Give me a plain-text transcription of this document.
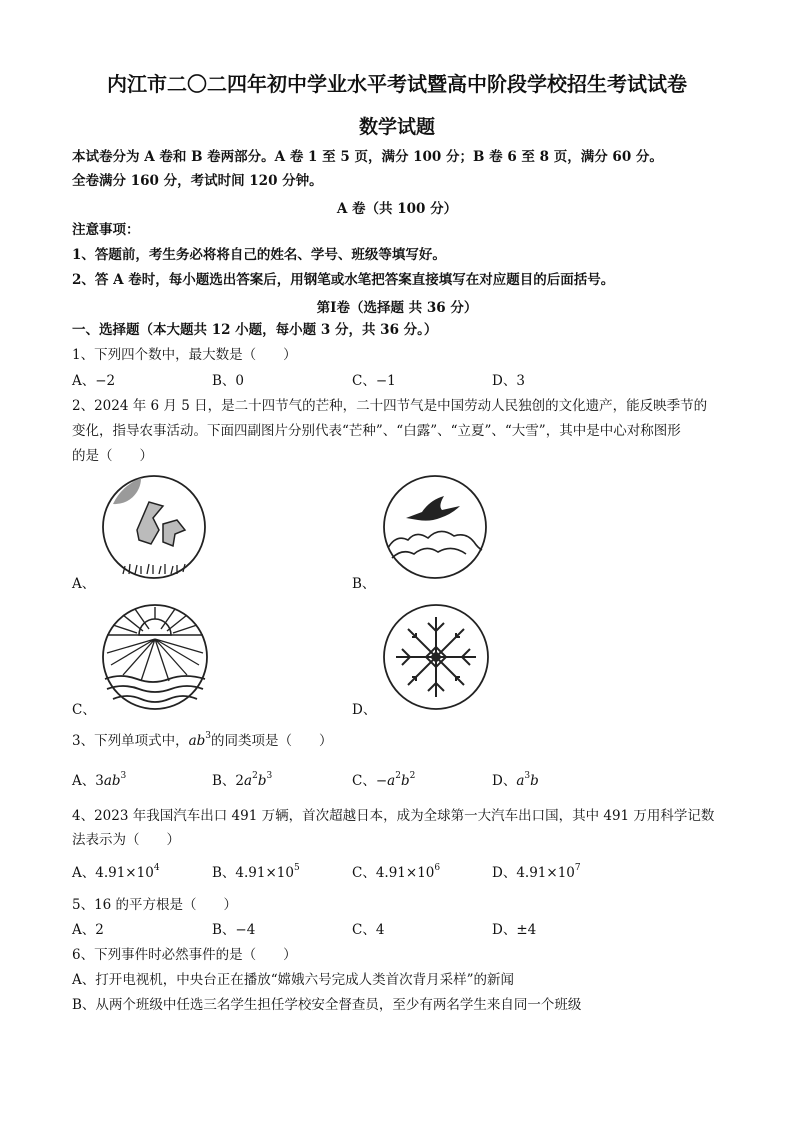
内江市二〇二四年初中学业水平考试暨高中阶段学校招生考试试卷
数学试题
本试卷分为 A 卷和 B 卷两部分。A 卷 1 至 5 页，满分 100 分；B 卷 6 至 8 页，满分 60 分。
全卷满分 160 分，考试时间 120 分钟。
A 卷（共 100 分）
注意事项：
1、答题前，考生务必将将自己的姓名、学号、班级等填写好。
2、答 A 卷时，每小题选出答案后，用钢笔或水笔把答案直接填写在对应题目的后面括号。
第Ⅰ卷（选择题 共 36 分）
一、选择题（本大题共 12 小题，每小题 3 分，共 36 分。）
1、下列四个数中，最大数是（　　）
A、−2	B、0	C、−1	D、3
2、2024 年 6 月 5 日，是二十四节气的芒种，二十四节气是中国劳动人民独创的文化遗产，能反映季节的
变化，指导农事活动。下面四副图片分别代表“芒种”、“白露”、“立夏”、“大雪”，其中是中心对称图形
的是（　　）
A、	B、
C、	D、
3、下列单项式中，$ab^3$的同类项是（　　）
A、$3ab^3$	B、$2a^2b^3$	C、$-a^2b^2$	D、$a^3b$
4、2023 年我国汽车出口 491 万辆，首次超越日本，成为全球第一大汽车出口国，其中 491 万用科学记数
法表示为（　　）
A、$4.91\times 10^4$	B、$4.91\times 10^5$	C、$4.91\times 10^6$	D、$4.91\times 10^7$
5、16 的平方根是（　　）
A、2	B、−4	C、4	D、±4
6、下列事件时必然事件的是（　　）
A、打开电视机，中央台正在播放“嫦娥六号完成人类首次背月采样”的新闻
B、从两个班级中任选三名学生担任学校安全督查员，至少有两名学生来自同一个班级
